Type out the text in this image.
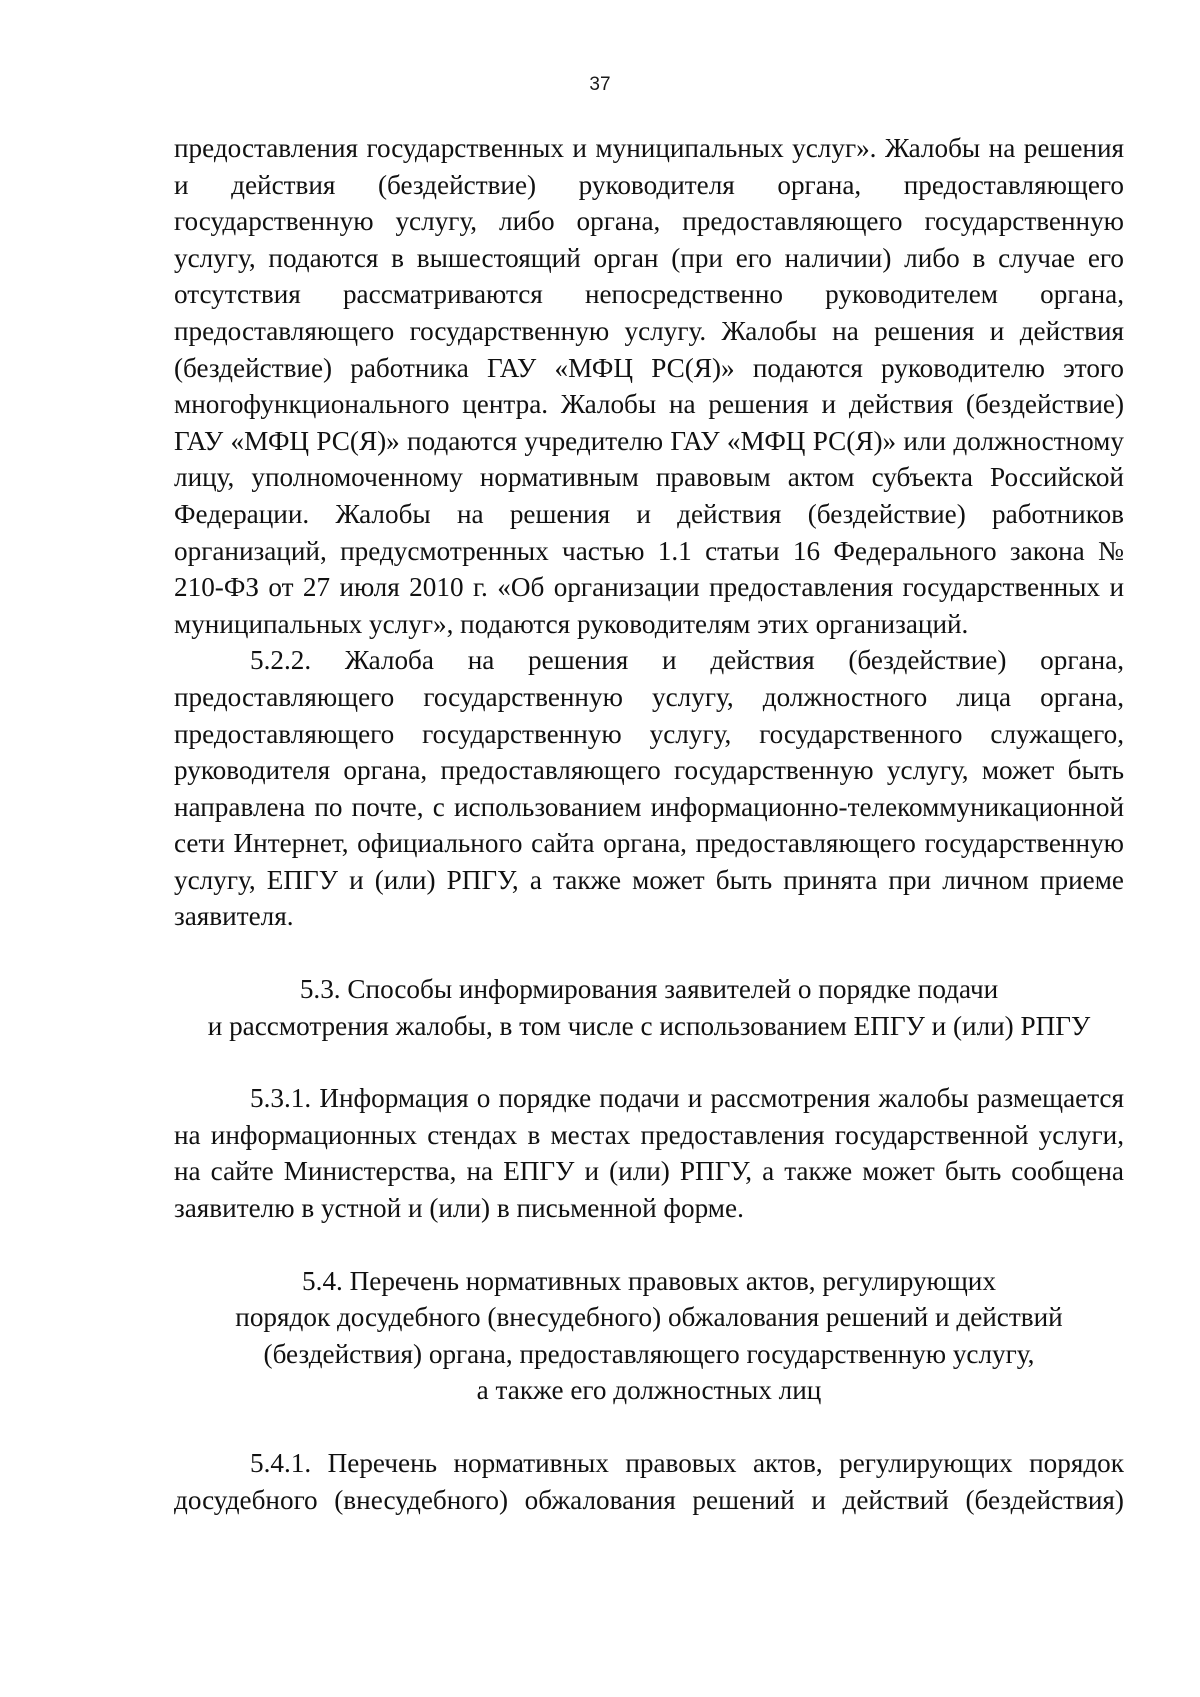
37

предоставления государственных и муниципальных услуг». Жалобы на решения и действия (бездействие) руководителя органа, предоставляющего государственную услугу, либо органа, предоставляющего государственную услугу, подаются в вышестоящий орган (при его наличии) либо в случае его отсутствия рассматриваются непосредственно руководителем органа, предоставляющего государственную услугу. Жалобы на решения и действия (бездействие) работника ГАУ «МФЦ РС(Я)» подаются руководителю этого многофункционального центра. Жалобы на решения и действия (бездействие) ГАУ «МФЦ РС(Я)» подаются учредителю ГАУ «МФЦ РС(Я)» или должностному лицу, уполномоченному нормативным правовым актом субъекта Российской Федерации. Жалобы на решения и действия (бездействие) работников организаций, предусмотренных частью 1.1 статьи 16 Федерального закона № 210-ФЗ от 27 июля 2010 г. «Об организации предоставления государственных и муниципальных услуг», подаются руководителям этих организаций.

5.2.2. Жалоба на решения и действия (бездействие) органа, предоставляющего государственную услугу, должностного лица органа, предоставляющего государственную услугу, государственного служащего, руководителя органа, предоставляющего государственную услугу, может быть направлена по почте, с использованием информационно-телекоммуникационной сети Интернет, официального сайта органа, предоставляющего государственную услугу, ЕПГУ и (или) РПГУ, а также может быть принята при личном приеме заявителя.

5.3. Способы информирования заявителей о порядке подачи
и рассмотрения жалобы, в том числе с использованием ЕПГУ и (или) РПГУ

5.3.1. Информация о порядке подачи и рассмотрения жалобы размещается на информационных стендах в местах предоставления государственной услуги, на сайте Министерства, на ЕПГУ и (или) РПГУ, а также может быть сообщена заявителю в устной и (или) в письменной форме.

5.4. Перечень нормативных правовых актов, регулирующих
порядок досудебного (внесудебного) обжалования решений и действий
(бездействия) органа, предоставляющего государственную услугу,
а также его должностных лиц

5.4.1. Перечень нормативных правовых актов, регулирующих порядок досудебного (внесудебного) обжалования решений и действий (бездействия)
